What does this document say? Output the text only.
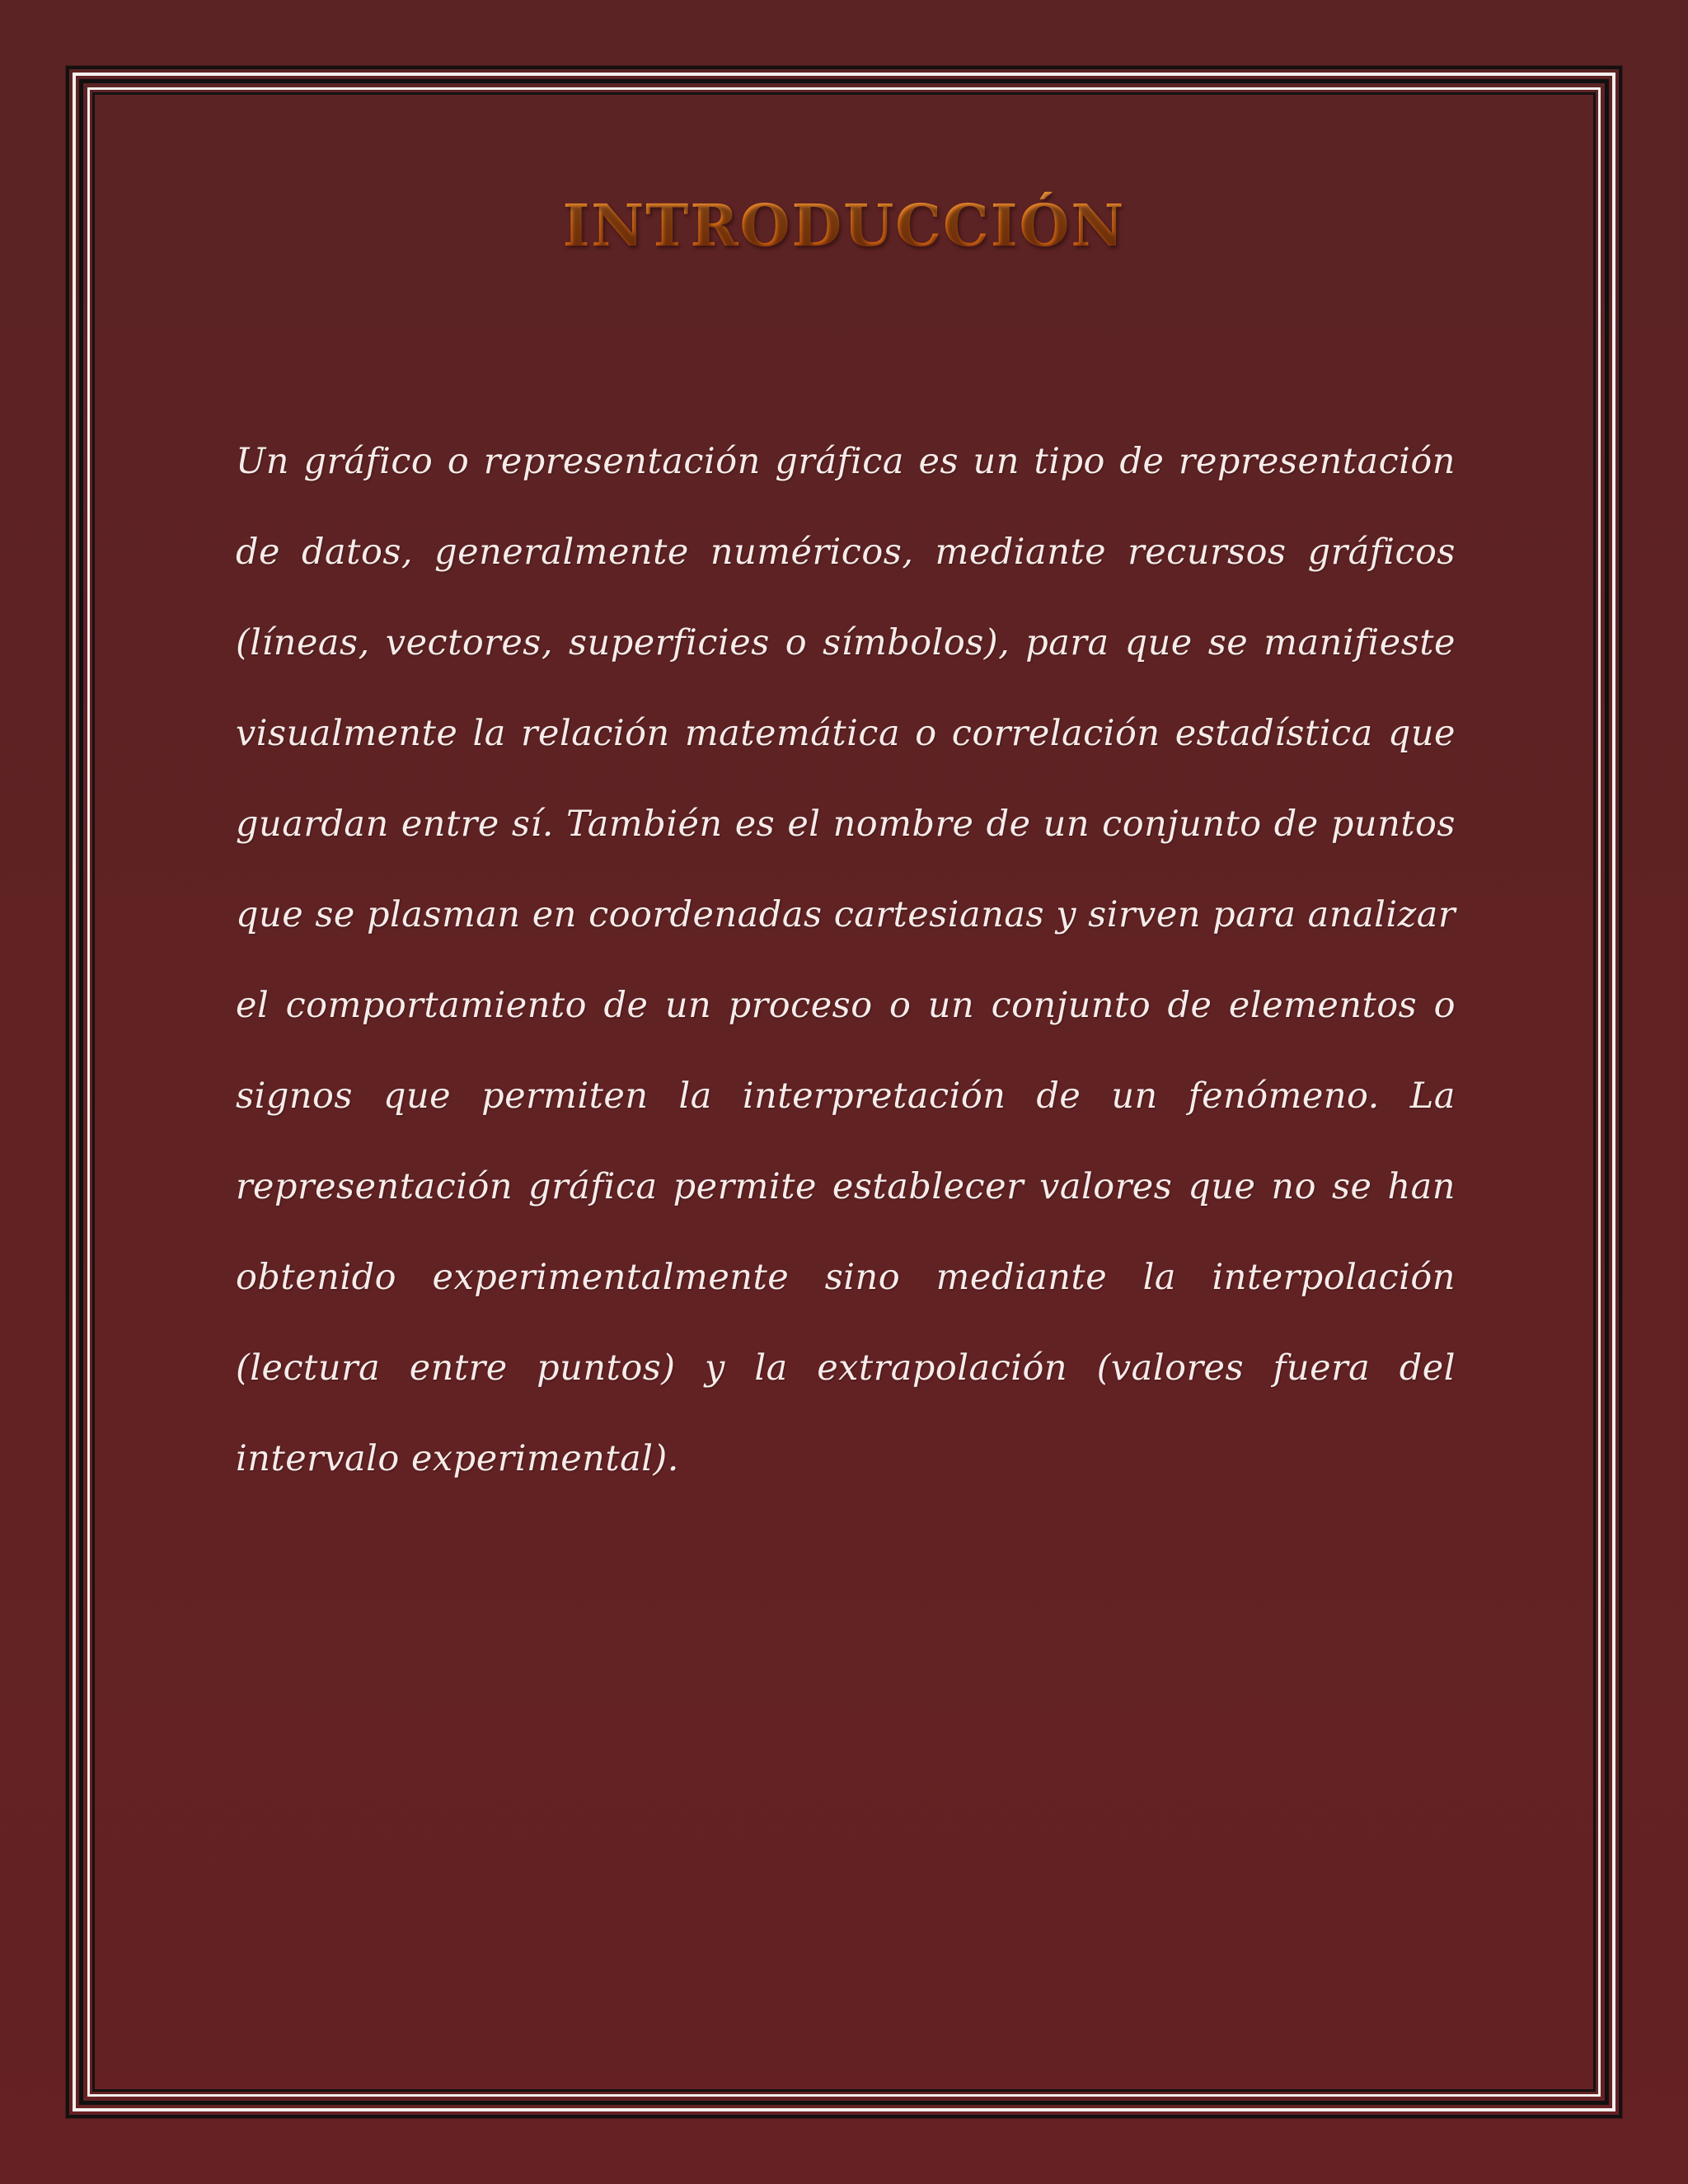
INTRODUCCIÓN

Un gráfico o representación gráfica es un tipo de representación de datos, generalmente numéricos, mediante recursos gráficos (líneas, vectores, superficies o símbolos), para que se manifieste visualmente la relación matemática o correlación estadística que guardan entre sí. También es el nombre de un conjunto de puntos que se plasman en coordenadas cartesianas y sirven para analizar el comportamiento de un proceso o un conjunto de elementos o signos que permiten la interpretación de un fenómeno. La representación gráfica permite establecer valores que no se han obtenido experimentalmente sino mediante la interpolación (lectura entre puntos) y la extrapolación (valores fuera del intervalo experimental).
